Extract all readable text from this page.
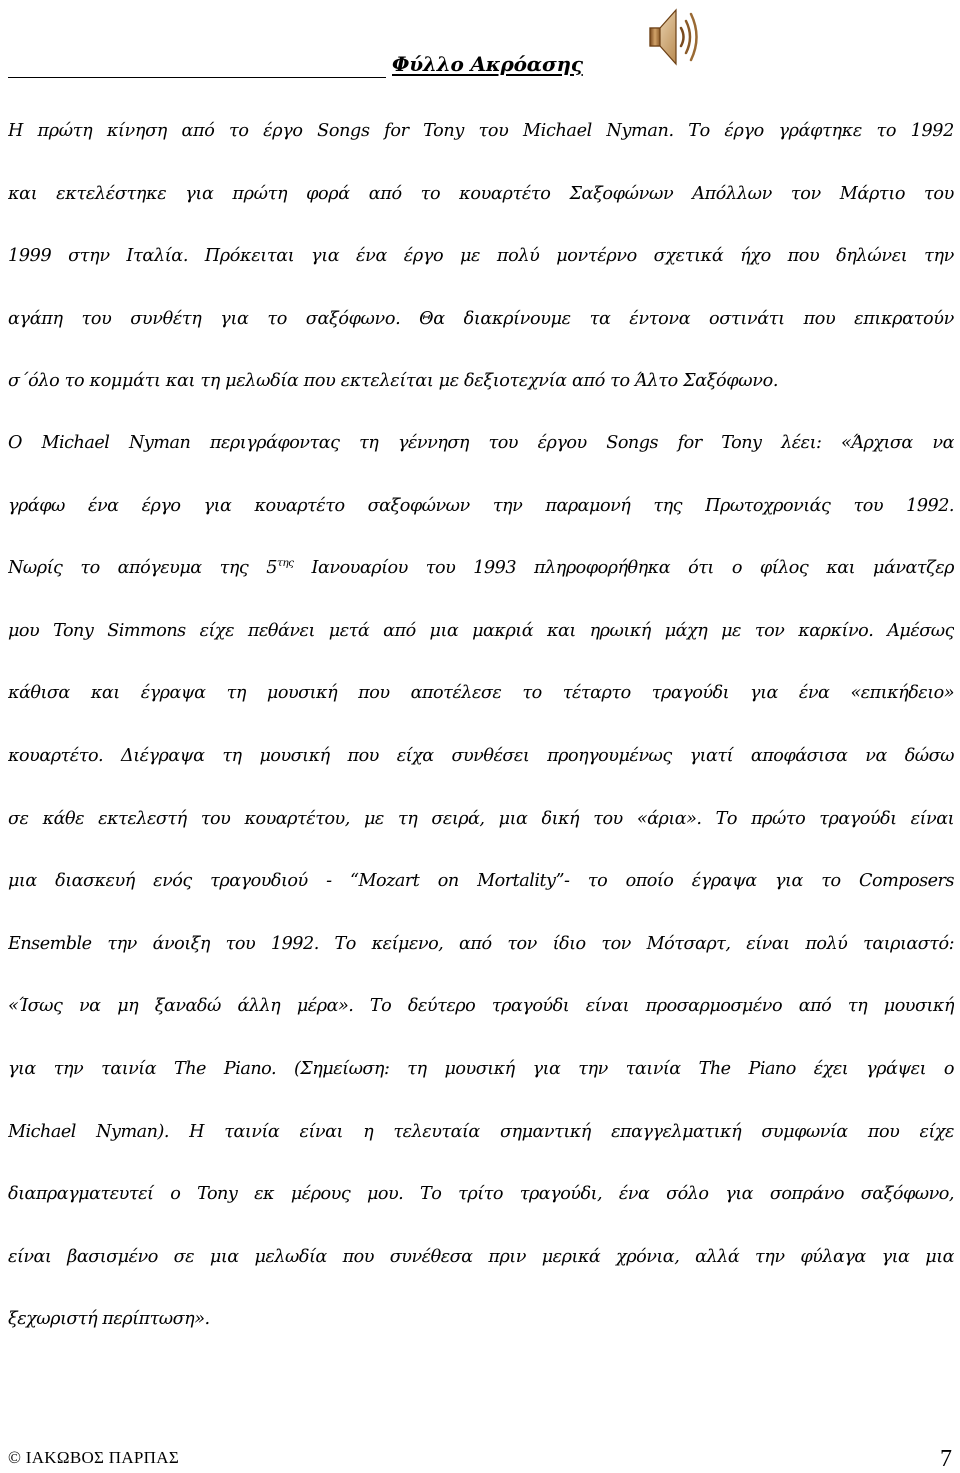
Φύλλο Ακρόασης
Η πρώτη κίνηση από το έργο Songs for Tony του Michael Nyman. Το έργο γράφτηκε το 1992
και εκτελέστηκε για πρώτη φορά από το κουαρτέτο Σαξοφώνων Απόλλων τον Μάρτιο του
1999 στην Ιταλία. Πρόκειται για ένα έργο με πολύ μοντέρνο σχετικά ήχο που δηλώνει την
αγάπη του συνθέτη για το σαξόφωνο. Θα διακρίνουμε τα έντονα οστινάτι που επικρατούν
σ΄όλο το κομμάτι και τη μελωδία που εκτελείται με δεξιοτεχνία από το Άλτο Σαξόφωνο.
Ο Michael Nyman περιγράφοντας τη γέννηση του έργου Songs for Tony λέει: «Άρχισα να
γράφω ένα έργο για κουαρτέτο σαξοφώνων την παραμονή της Πρωτοχρονιάς του 1992.
Νωρίς το απόγευμα της $5^{\tau\eta\varsigma}$ Ιανουαρίου του 1993 πληροφορήθηκα ότι ο φίλος και μάνατζερ
μου Tony Simmons είχε πεθάνει μετά από μια μακριά και ηρωική μάχη με τον καρκίνο. Αμέσως
κάθισα και έγραψα τη μουσική που αποτέλεσε το τέταρτο τραγούδι για ένα «επικήδειο»
κουαρτέτο. Διέγραψα τη μουσική που είχα συνθέσει προηγουμένως γιατί αποφάσισα να δώσω
σε κάθε εκτελεστή του κουαρτέτου, με τη σειρά, μια δική του «άρια». Το πρώτο τραγούδι είναι
μια διασκευή ενός τραγουδιού - “Mozart on Mortality”- το οποίο έγραψα για το Composers
Ensemble την άνοιξη του 1992. Το κείμενο, από τον ίδιο τον Μότσαρτ, είναι πολύ ταιριαστό:
«Ίσως να μη ξαναδώ άλλη μέρα». Το δεύτερο τραγούδι είναι προσαρμοσμένο από τη μουσική
για την ταινία The Piano. (Σημείωση: τη μουσική για την ταινία The Piano έχει γράψει ο
Michael Nyman). Η ταινία είναι η τελευταία σημαντική επαγγελματική συμφωνία που είχε
διαπραγματευτεί ο Tony εκ μέρους μου. Το τρίτο τραγούδι, ένα σόλο για σοπράνο σαξόφωνο,
είναι βασισμένο σε μια μελωδία που συνέθεσα πριν μερικά χρόνια, αλλά την φύλαγα για μια
ξεχωριστή περίπτωση».
© ΙΑΚΩΒΟΣ ΠΑΡΠΑΣ	7
